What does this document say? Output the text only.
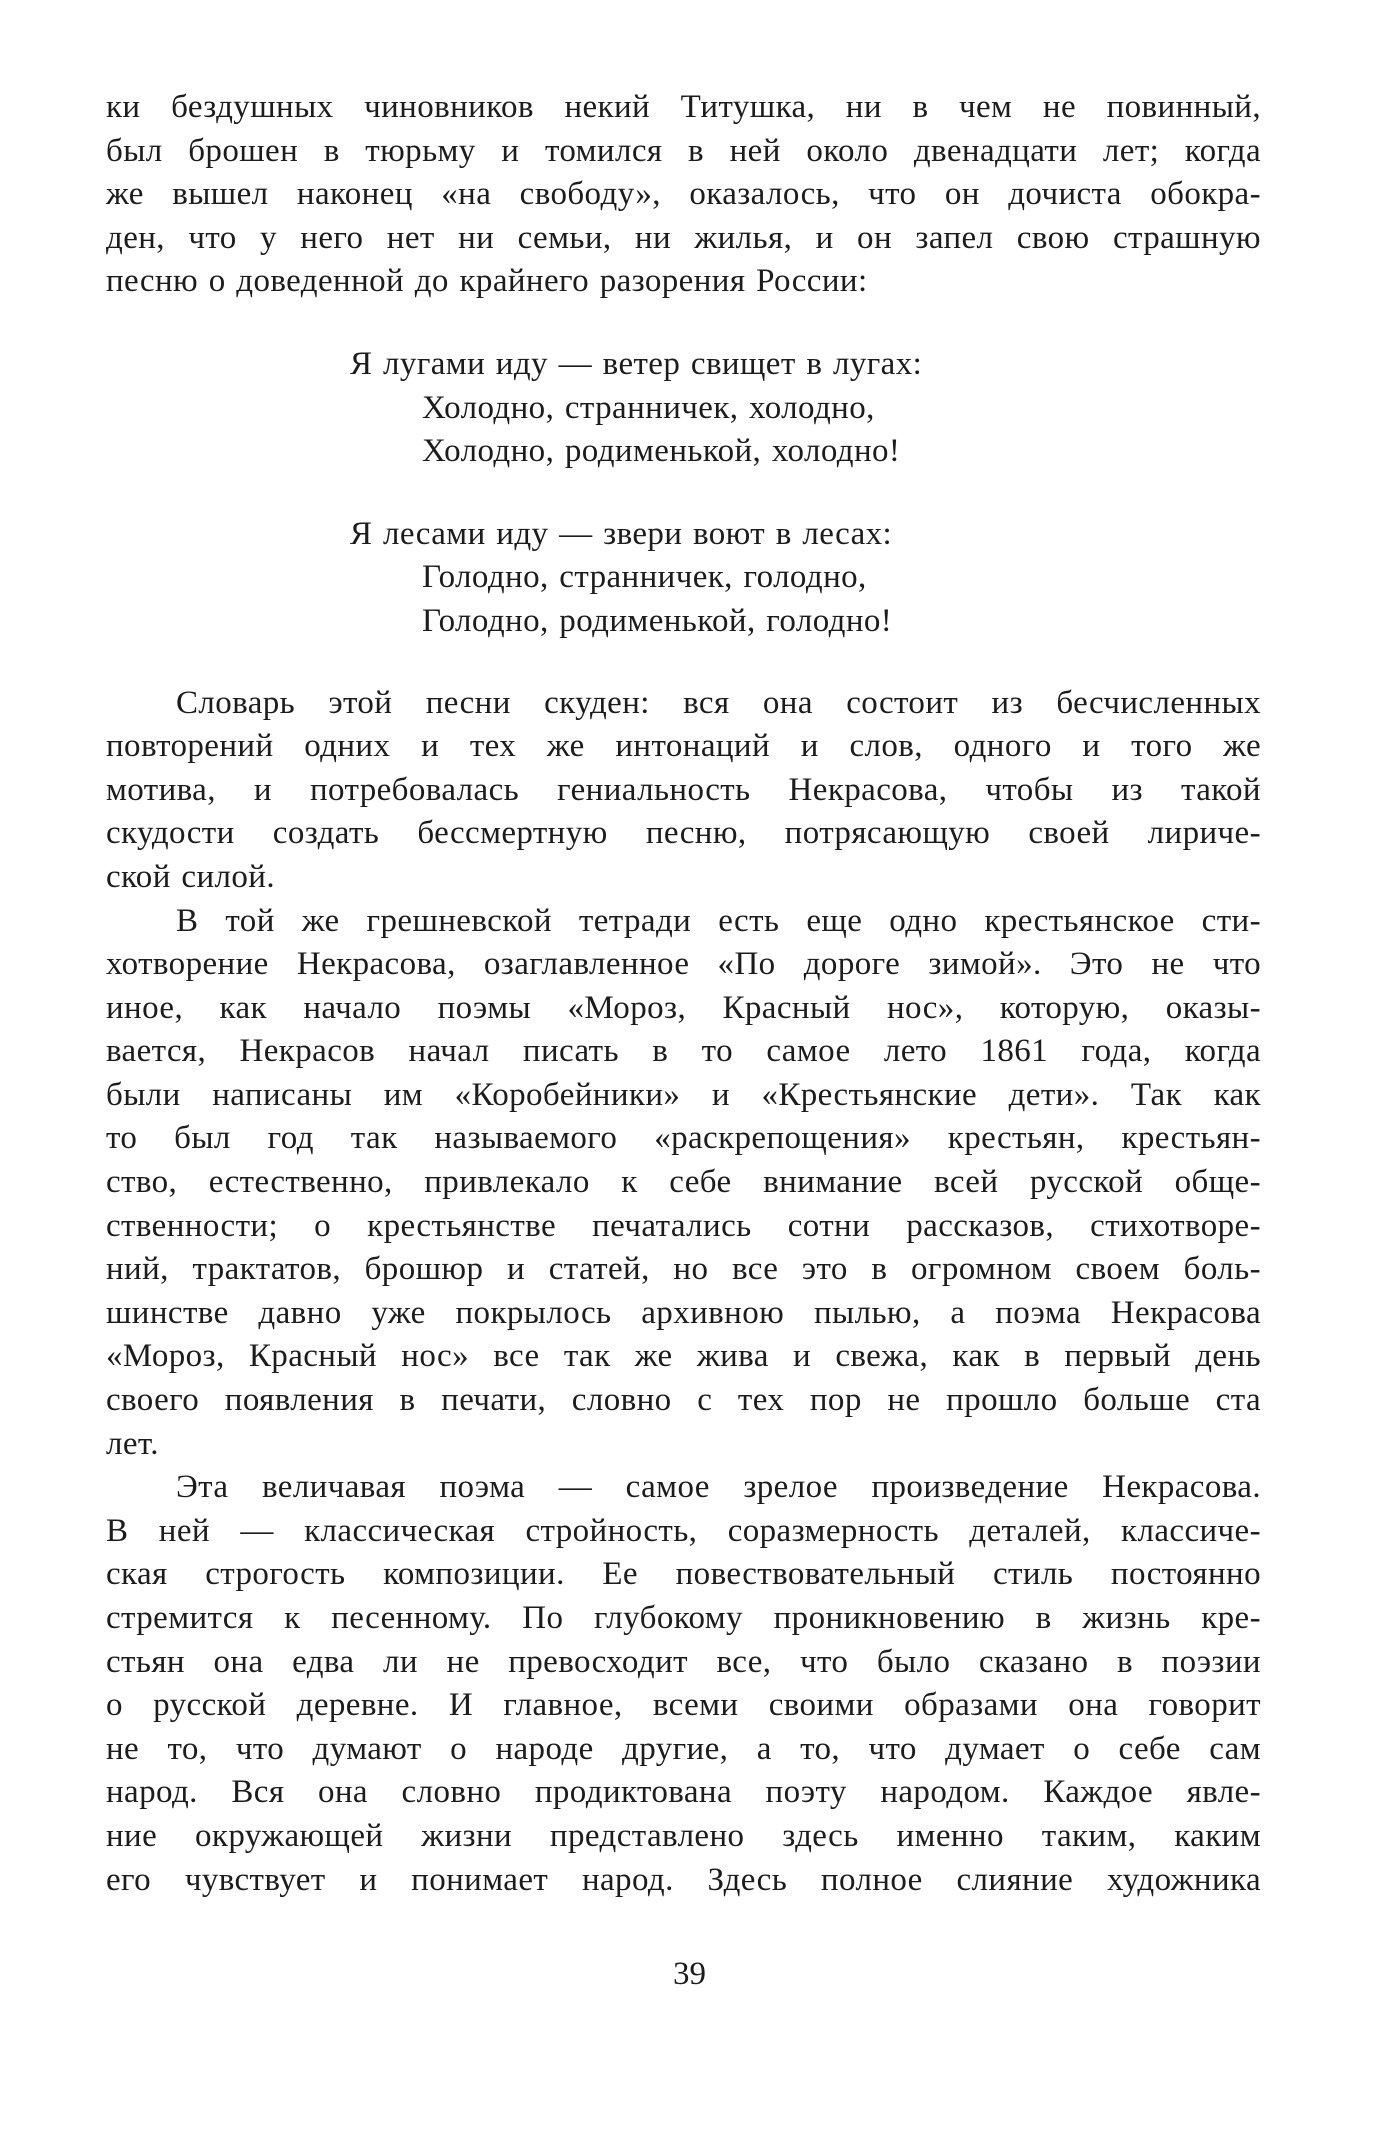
ки бездушных чиновников некий Титушка, ни в чем не повинный,
был брошен в тюрьму и томился в ней около двенадцати лет; когда
же вышел наконец «на свободу», оказалось, что он дочиста обокра-
ден, что у него нет ни семьи, ни жилья, и он запел свою страшную
песню о доведенной до крайнего разорения России:
Я лугами иду — ветер свищет в лугах:
Холодно, странничек, холодно,
Холодно, родименькой, холодно!
Я лесами иду — звери воют в лесах:
Голодно, странничек, голодно,
Голодно, родименькой, голодно!
Словарь этой песни скуден: вся она состоит из бесчисленных
повторений одних и тех же интонаций и слов, одного и того же
мотива, и потребовалась гениальность Некрасова, чтобы из такой
скудости создать бессмертную песню, потрясающую своей лириче-
ской силой.
В той же грешневской тетради есть еще одно крестьянское сти-
хотворение Некрасова, озаглавленное «По дороге зимой». Это не что
иное, как начало поэмы «Мороз, Красный нос», которую, оказы-
вается, Некрасов начал писать в то самое лето 1861 года, когда
были написаны им «Коробейники» и «Крестьянские дети». Так как
то был год так называемого «раскрепощения» крестьян, крестьян-
ство, естественно, привлекало к себе внимание всей русской обще-
ственности; о крестьянстве печатались сотни рассказов, стихотворе-
ний, трактатов, брошюр и статей, но все это в огромном своем боль-
шинстве давно уже покрылось архивною пылью, а поэма Некрасова
«Мороз, Красный нос» все так же жива и свежа, как в первый день
своего появления в печати, словно с тех пор не прошло больше ста
лет.
Эта величавая поэма — самое зрелое произведение Некрасова.
В ней — классическая стройность, соразмерность деталей, классиче-
ская строгость композиции. Ее повествовательный стиль постоянно
стремится к песенному. По глубокому проникновению в жизнь кре-
стьян она едва ли не превосходит все, что было сказано в поэзии
о русской деревне. И главное, всеми своими образами она говорит
не то, что думают о народе другие, а то, что думает о себе сам
народ. Вся она словно продиктована поэту народом. Каждое явле-
ние окружающей жизни представлено здесь именно таким, каким
его чувствует и понимает народ. Здесь полное слияние художника
39
